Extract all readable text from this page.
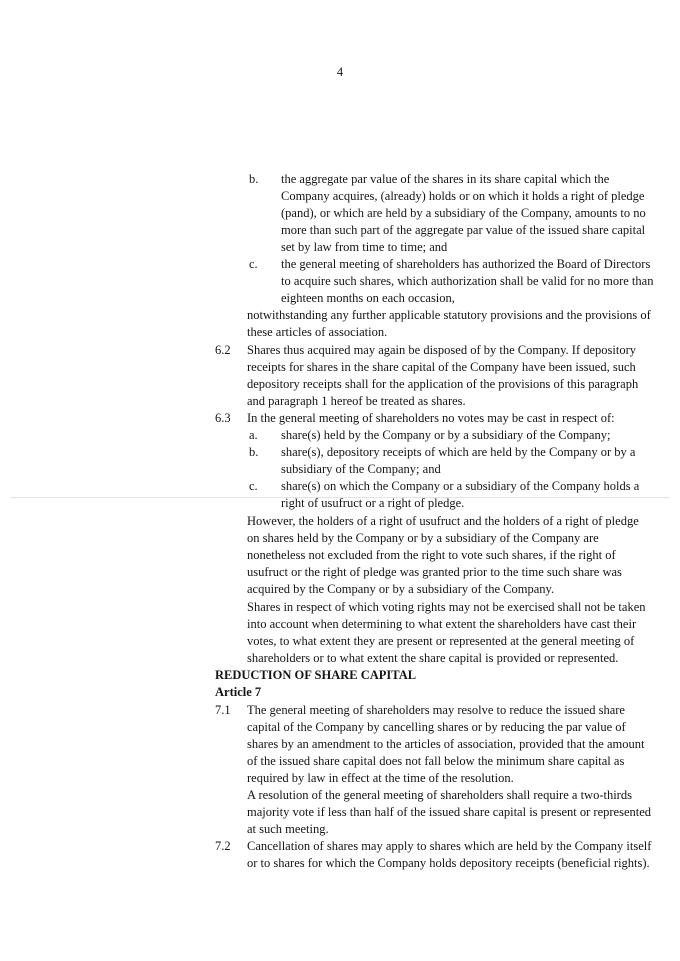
4
b. the aggregate par value of the shares in its share capital which the
Company acquires, (already) holds or on which it holds a right of pledge
(pand), or which are held by a subsidiary of the Company, amounts to no
more than such part of the aggregate par value of the issued share capital
set by law from time to time; and
c. the general meeting of shareholders has authorized the Board of Directors
to acquire such shares, which authorization shall be valid for no more than
eighteen months on each occasion,
notwithstanding any further applicable statutory provisions and the provisions of
these articles of association.
6.2 Shares thus acquired may again be disposed of by the Company. If depository
receipts for shares in the share capital of the Company have been issued, such
depository receipts shall for the application of the provisions of this paragraph
and paragraph 1 hereof be treated as shares.
6.3 In the general meeting of shareholders no votes may be cast in respect of:
a. share(s) held by the Company or by a subsidiary of the Company;
b. share(s), depository receipts of which are held by the Company or by a
subsidiary of the Company; and
c. share(s) on which the Company or a subsidiary of the Company holds a
right of usufruct or a right of pledge.
However, the holders of a right of usufruct and the holders of a right of pledge
on shares held by the Company or by a subsidiary of the Company are
nonetheless not excluded from the right to vote such shares, if the right of
usufruct or the right of pledge was granted prior to the time such share was
acquired by the Company or by a subsidiary of the Company.
Shares in respect of which voting rights may not be exercised shall not be taken
into account when determining to what extent the shareholders have cast their
votes, to what extent they are present or represented at the general meeting of
shareholders or to what extent the share capital is provided or represented.
REDUCTION OF SHARE CAPITAL
Article 7
7.1 The general meeting of shareholders may resolve to reduce the issued share
capital of the Company by cancelling shares or by reducing the par value of
shares by an amendment to the articles of association, provided that the amount
of the issued share capital does not fall below the minimum share capital as
required by law in effect at the time of the resolution.
A resolution of the general meeting of shareholders shall require a two-thirds
majority vote if less than half of the issued share capital is present or represented
at such meeting.
7.2 Cancellation of shares may apply to shares which are held by the Company itself
or to shares for which the Company holds depository receipts (beneficial rights).
